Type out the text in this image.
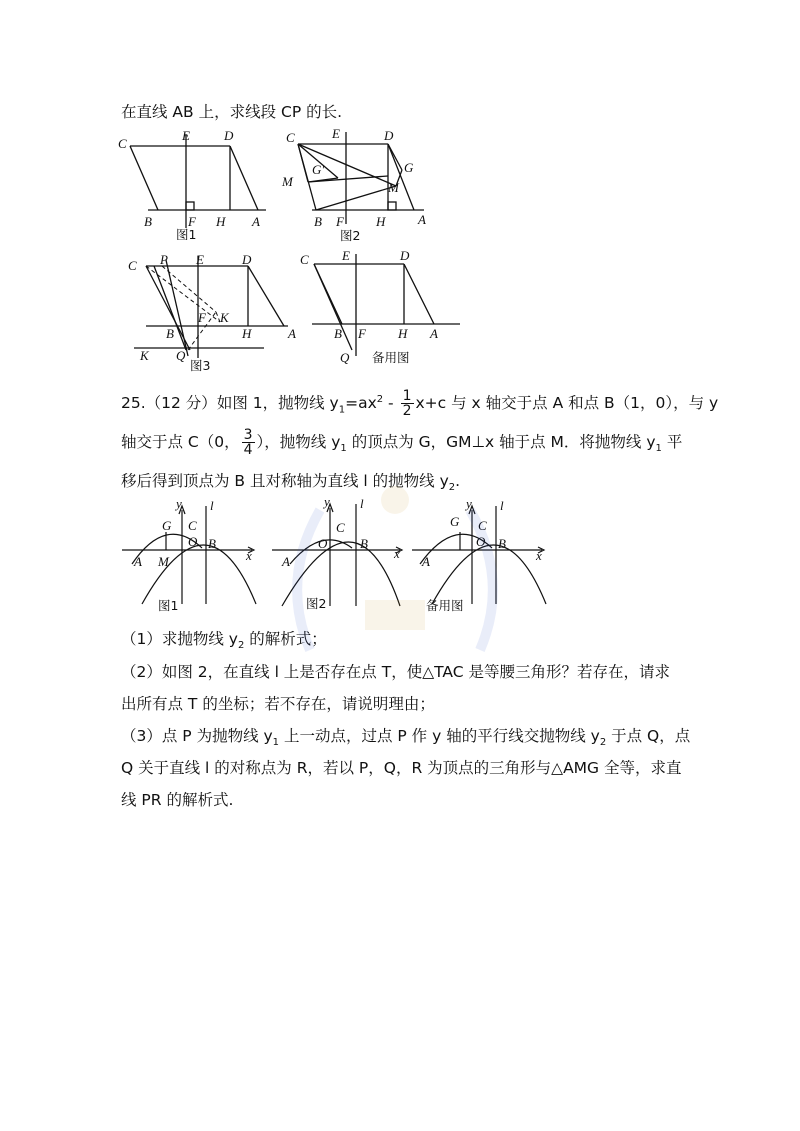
在直线 AB 上，求线段 CP 的长.
C
E	D
B	F H A
图1
C	E	D
G'	G
M	M
B F H	A
图2
C P E	D
F K
B	H	A
K Q
图3
C	E	D
B F H A
Q 备用图
25.（12 分）如图 1，抛物线 $y_1=ax^2 - \frac{1}{2} x+c$ 与 x 轴交于点 A 和点 B（1，0），与 y
轴交于点 C（0， $\frac{3}{4}$ ），抛物线 $y_1$ 的顶点为 G，GM⊥x 轴于点 M．将抛物线 $y_1$ 平
移后得到顶点为 B 且对称轴为直线 l 的抛物线 $y_2$.
y
x
l
G C
O B
A M
图1
y
x
l
C
O	B
A
图2
y
x
l
G C
O B
A
备用图
（1）求抛物线 $y_2$ 的解析式；
（2）如图 2，在直线 l 上是否存在点 T，使△TAC 是等腰三角形？若存在，请求
出所有点 T 的坐标；若不存在，请说明理由；
（3）点 P 为抛物线 $y_1$ 上一动点，过点 P 作 y 轴的平行线交抛物线 $y_2$ 于点 Q，点
Q 关于直线 l 的对称点为 R，若以 P，Q，R 为顶点的三角形与△AMG 全等，求直
线 PR 的解析式.
